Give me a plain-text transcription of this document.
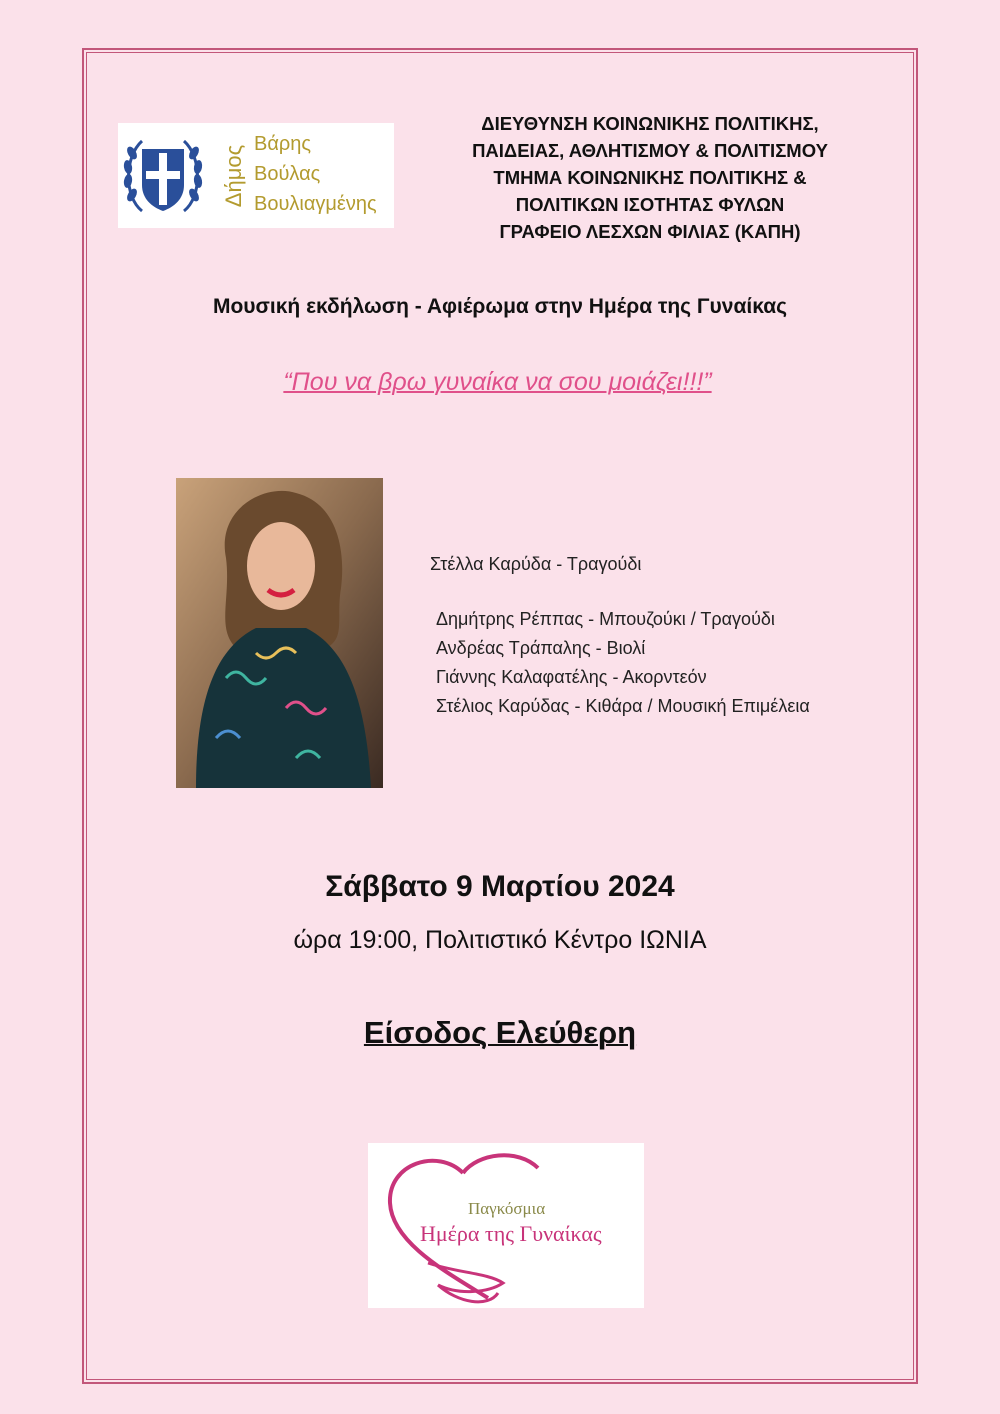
Δήμος
Βάρης
Βούλας
Βουλιαγμένης
ΔΙΕΥΘΥΝΣΗ ΚΟΙΝΩΝΙΚΗΣ ΠΟΛΙΤΙΚΗΣ,
ΠΑΙΔΕΙΑΣ, ΑΘΛΗΤΙΣΜΟΥ & ΠΟΛΙΤΙΣΜΟΥ
ΤΜΗΜΑ ΚΟΙΝΩΝΙΚΗΣ ΠΟΛΙΤΙΚΗΣ &
ΠΟΛΙΤΙΚΩΝ ΙΣΟΤΗΤΑΣ ΦΥΛΩΝ
ΓΡΑΦΕΙΟ ΛΕΣΧΩΝ ΦΙΛΙΑΣ (ΚΑΠΗ)
Μουσική εκδήλωση - Αφιέρωμα στην Ημέρα της Γυναίκας
“Που να βρω γυναίκα να σου μοιάζει!!!”
Στέλλα Καρύδα - Τραγούδι
Δημήτρης Ρέππας - Μπουζούκι / Τραγούδι
Ανδρέας Τράπαλης - Βιολί
Γιάννης Καλαφατέλης - Ακορντεόν
Στέλιος Καρύδας - Κιθάρα / Μουσική Επιμέλεια
Σάββατο 9 Μαρτίου 2024
ώρα 19:00, Πολιτιστικό Κέντρο ΙΩΝΙΑ
Είσοδος Ελεύθερη
Παγκόσμια
Ημέρα της Γυναίκας
